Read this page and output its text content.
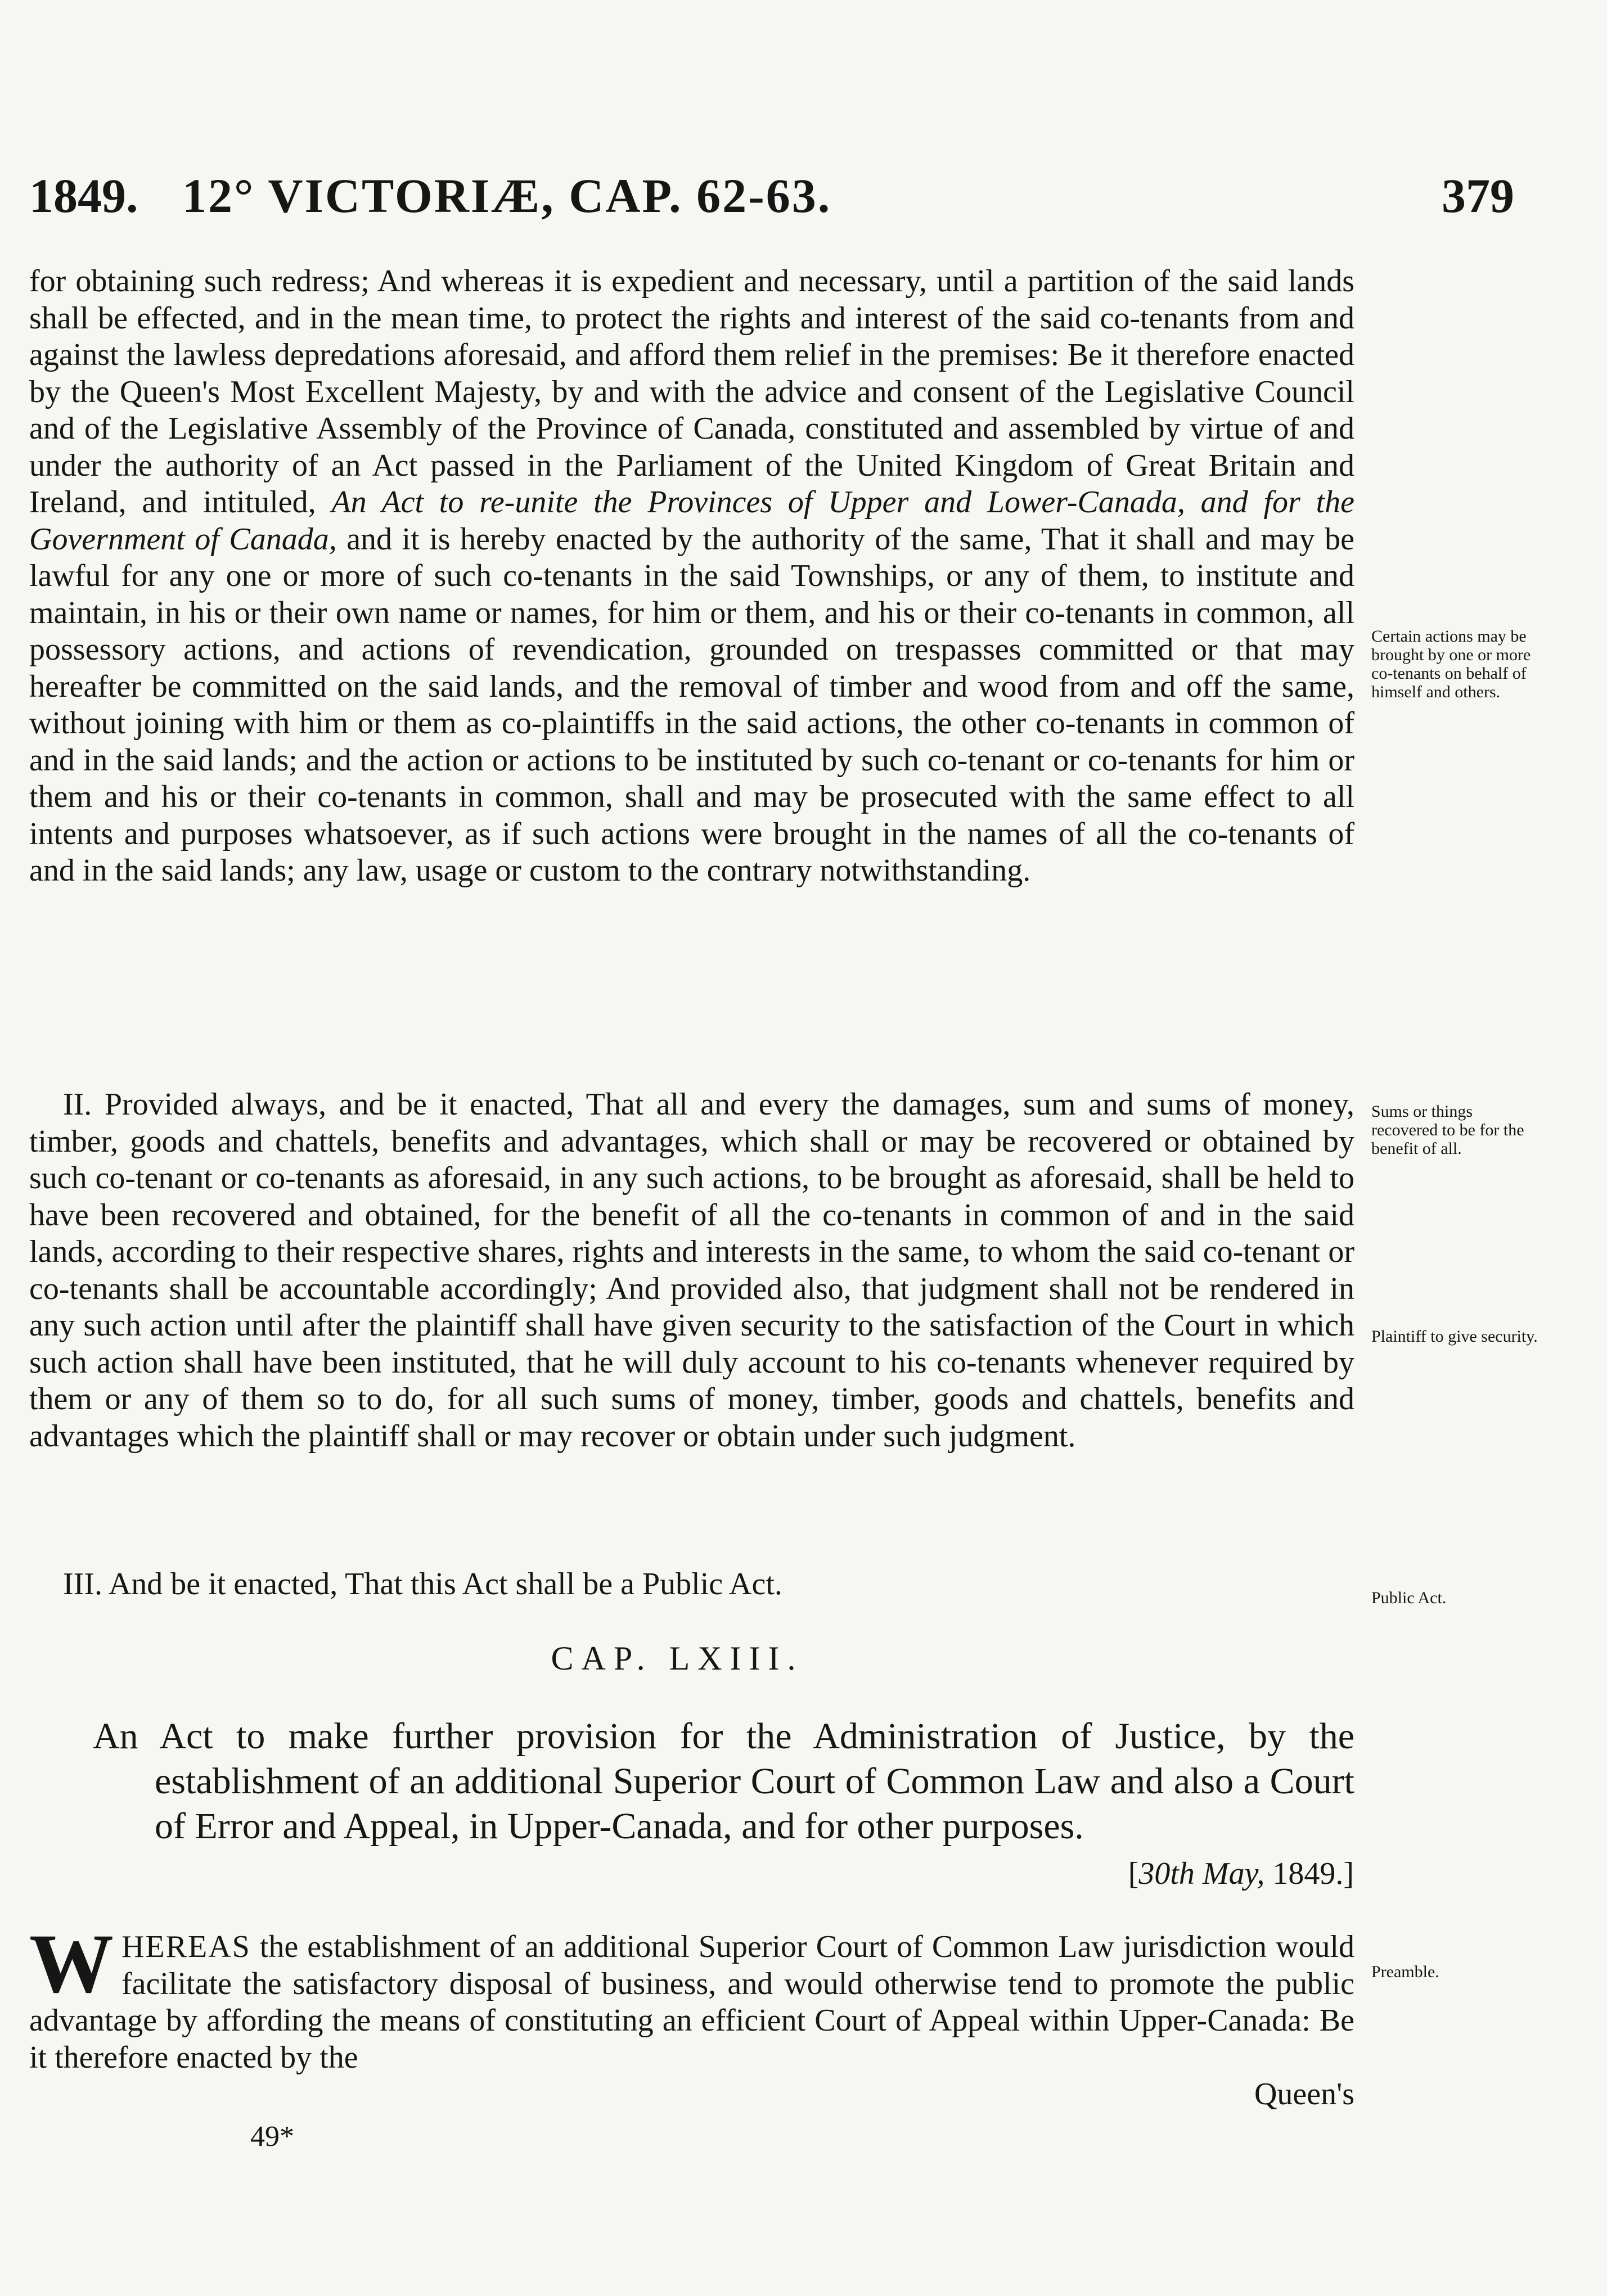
1849. 12° VICTORIÆ, CAP. 62-63.	379

for obtaining such redress; And whereas it is expedient and necessary, until a partition of the said lands shall be effected, and in the mean time, to protect the rights and interest of the said co-tenants from and against the lawless depredations aforesaid, and afford them relief in the premises: Be it therefore enacted by the Queen's Most Excellent Majesty, by and with the advice and consent of the Legislative Council and of the Legislative Assembly of the Province of Canada, constituted and assembled by virtue of and under the authority of an Act passed in the Parliament of the United Kingdom of Great Britain and Ireland, and intituled, An Act to re-unite the Provinces of Upper and Lower-Canada, and for the Government of Canada, and it is hereby enacted by the authority of the same, That it shall and may be lawful for any one or more of such co-tenants in the said Townships, or any of them, to institute and maintain, in his or their own name or names, for him or them, and his or their co-tenants in common, all possessory actions, and actions of revendication, grounded on trespasses committed or that may hereafter be committed on the said lands, and the removal of timber and wood from and off the same, without joining with him or them as co-plaintiffs in the said actions, the other co-tenants in common of and in the said lands; and the action or actions to be instituted by such co-tenant or co-tenants for him or them and his or their co-tenants in common, shall and may be prosecuted with the same effect to all intents and purposes whatsoever, as if such actions were brought in the names of all the co-tenants of and in the said lands; any law, usage or custom to the contrary notwithstanding.

II. Provided always, and be it enacted, That all and every the damages, sum and sums of money, timber, goods and chattels, benefits and advantages, which shall or may be recovered or obtained by such co-tenant or co-tenants as aforesaid, in any such actions, to be brought as aforesaid, shall be held to have been recovered and obtained, for the benefit of all the co-tenants in common of and in the said lands, according to their respective shares, rights and interests in the same, to whom the said co-tenant or co-tenants shall be accountable accordingly; And provided also, that judgment shall not be rendered in any such action until after the plaintiff shall have given security to the satisfaction of the Court in which such action shall have been instituted, that he will duly account to his co-tenants whenever required by them or any of them so to do, for all such sums of money, timber, goods and chattels, benefits and advantages which the plaintiff shall or may recover or obtain under such judgment.

III. And be it enacted, That this Act shall be a Public Act.

CAP. LXIII.

An Act to make further provision for the Administration of Justice, by the establishment of an additional Superior Court of Common Law and also a Court of Error and Appeal, in Upper-Canada, and for other purposes.

[30th May, 1849.]

WHEREAS the establishment of an additional Superior Court of Common Law jurisdiction would facilitate the satisfactory disposal of business, and would otherwise tend to promote the public advantage by affording the means of constituting an efficient Court of Appeal within Upper-Canada: Be it therefore enacted by the

Queen's

49*
Certain actions may be brought by one or more co-tenants on behalf of himself and others.
Sums or things recovered to be for the benefit of all.
Plaintiff to give security.
Public Act.
Preamble.
